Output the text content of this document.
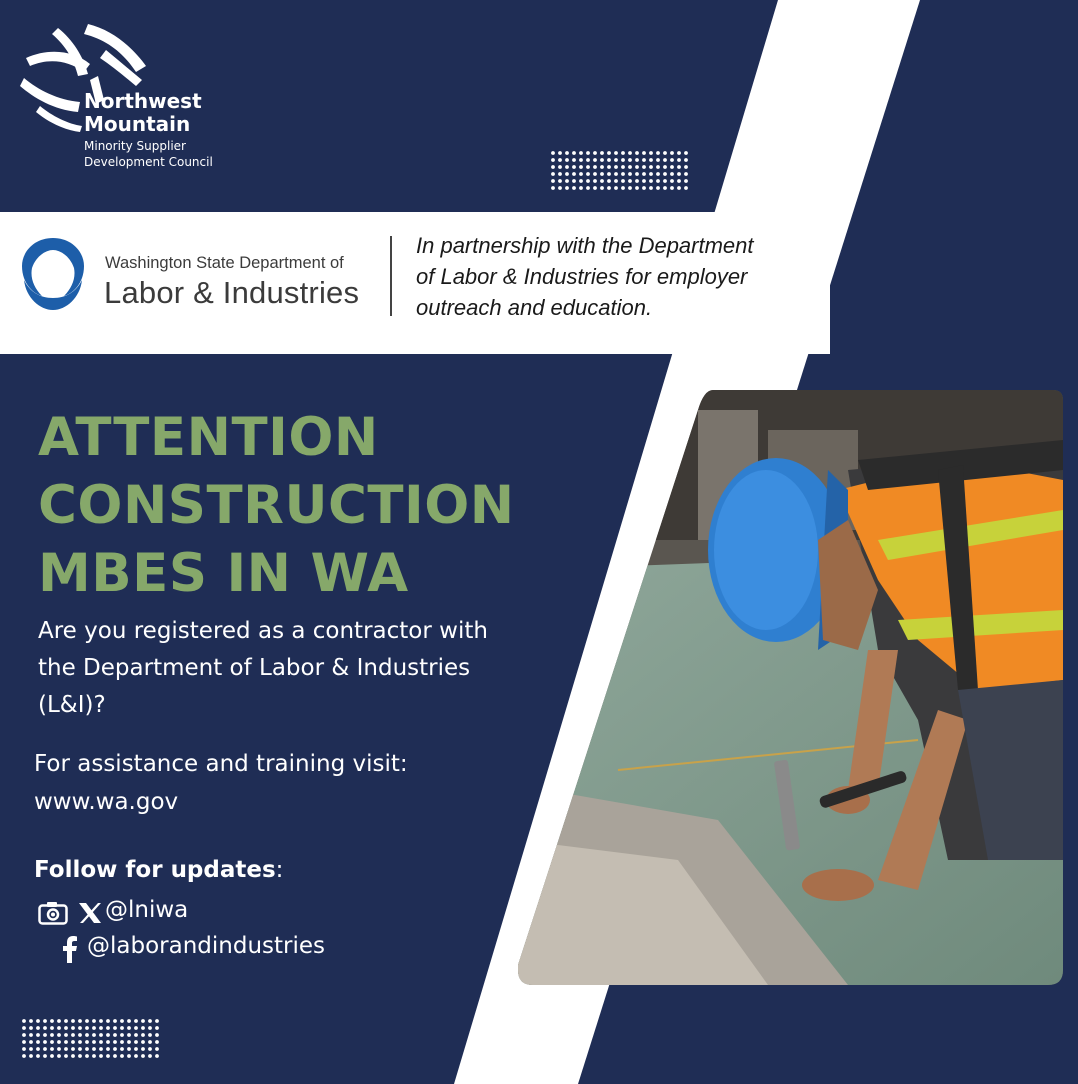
Northwest
Mountain
Minority Supplier
Development Council
Washington State Department of
Labor & Industries
In partnership with the Department
of Labor & Industries for employer
outreach and education.
ATTENTION
CONSTRUCTION
MBES IN WA
Are you registered as a contractor with
the Department of Labor & Industries
(L&I)?
For assistance and training visit:
www.wa.gov
Follow for updates:
@lniwa
@laborandindustries
